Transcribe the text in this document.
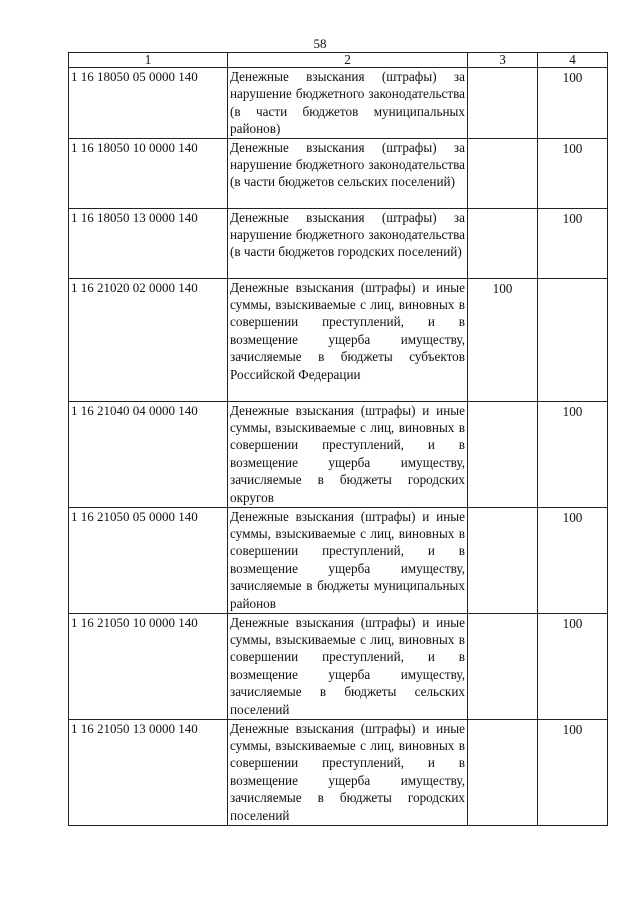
58
1	2	3	4
1 16 18050 05 0000 140	Денежные взыскания (штрафы) за нарушение бюджетного законодательства (в части бюджетов муниципальных районов)		100
1 16 18050 10 0000 140	Денежные взыскания (штрафы) за нарушение бюджетного законодательства (в части бюджетов сельских поселений)		100
1 16 18050 13 0000 140	Денежные взыскания (штрафы) за нарушение бюджетного законодательства (в части бюджетов городских поселений)		100
1 16 21020 02 0000 140	Денежные взыскания (штрафы) и иные суммы, взыскиваемые с лиц, виновных в совершении преступлений, и в возмещение ущерба имуществу, зачисляемые в бюджеты субъектов Российской Федерации	100	
1 16 21040 04 0000 140	Денежные взыскания (штрафы) и иные суммы, взыскиваемые с лиц, виновных в совершении преступлений, и в возмещение ущерба имуществу, зачисляемые в бюджеты городских округов		100
1 16 21050 05 0000 140	Денежные взыскания (штрафы) и иные суммы, взыскиваемые с лиц, виновных в совершении преступлений, и в возмещение ущерба имуществу, зачисляемые в бюджеты муниципальных районов		100
1 16 21050 10 0000 140	Денежные взыскания (штрафы) и иные суммы, взыскиваемые с лиц, виновных в совершении преступлений, и в возмещение ущерба имуществу, зачисляемые в бюджеты сельских поселений		100
1 16 21050 13 0000 140	Денежные взыскания (штрафы) и иные суммы, взыскиваемые с лиц, виновных в совершении преступлений, и в возмещение ущерба имуществу, зачисляемые в бюджеты городских поселений		100
